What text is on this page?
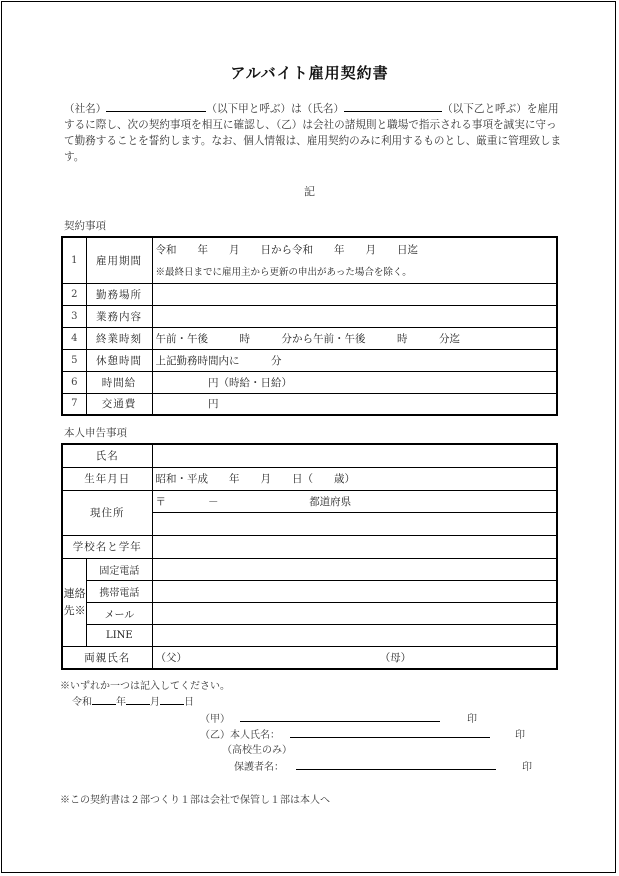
アルバイト雇用契約書
（社名）	（以下甲と呼ぶ）は（氏名）	（以下乙と呼ぶ）を雇用するに際し、次の契約事項を相互に確認し、（乙）は会社の諸規則と職場で指示される事項を誠実に守って勤務することを誓約します。なお、個人情報は、雇用契約のみに利用するものとし、厳重に管理致します。
記
契約事項
1	雇用期間	令和　　年　　月　　日から令和　　年　　月　　日迄
※最終日までに雇用主から更新の申出があった場合を除く。

2	勤務場所	
3	業務内容	
4	終業時刻	午前・午後　　　時　　　分から午前・午後　　　時　　　分迄
5	休憩時間	上記勤務時間内に　　　分
6	時間給	　　　　　円（時給・日給）
7	交通費	　　　　　円
本人申告事項
氏名		
生年月日		昭和・平成　　年　　月　　日（　　歳）
現住所		〒　　　　－ 都道府県

学校名と学年		
連絡先※	固定電話	
	携帯電話	
	メール	
	LINE	
両親氏名		（父） （母）
※いずれか一つは記入してください。
令和 年 月 日
（甲）	印
（乙）本人氏名：	印
（高校生のみ）
保護者名：	印
※この契約書は２部つくり１部は会社で保管し１部は本人へ
